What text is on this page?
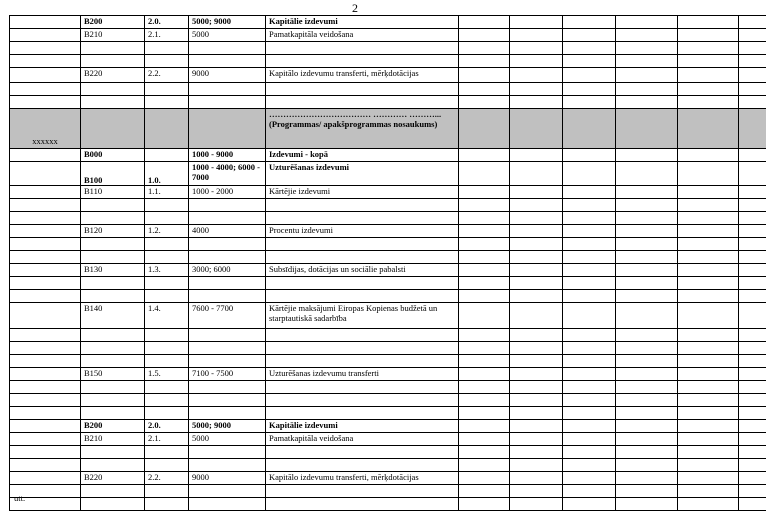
2
	B200	2.0.	5000; 9000	Kapitālie izdevumi						
	B210	2.1.	5000	Pamatkapitāla veidošana						

	B220	2.2.	9000	Kapitālo izdevumu transferti, mērķdotācijas						

xxxxxx				……………………………… ………… ………... (Programmas/ apakšprogrammas nosaukums)						
	B000		1000 - 9000	Izdevumi - kopā						
	B100	1.0.	1000 - 4000; 6000 - 7000	Uzturēšanas izdevumi						
	B110	1.1.	1000 - 2000	Kārtējie izdevumi						

	B120	1.2.	4000	Procentu izdevumi						

	B130	1.3.	3000; 6000	Subsīdijas, dotācijas un sociālie pabalsti						

	B140	1.4.	7600 - 7700	Kārtējie maksājumi Eiropas Kopienas budžetā un starptautiskā sadarbība						

	B150	1.5.	7100 - 7500	Uzturēšanas izdevumu transferti						

	B200	2.0.	5000; 9000	Kapitālie izdevumi						
	B210	2.1.	5000	Pamatkapitāla veidošana						

	B220	2.2.	9000	Kapitālo izdevumu transferti, mērķdotācijas						

utt.
